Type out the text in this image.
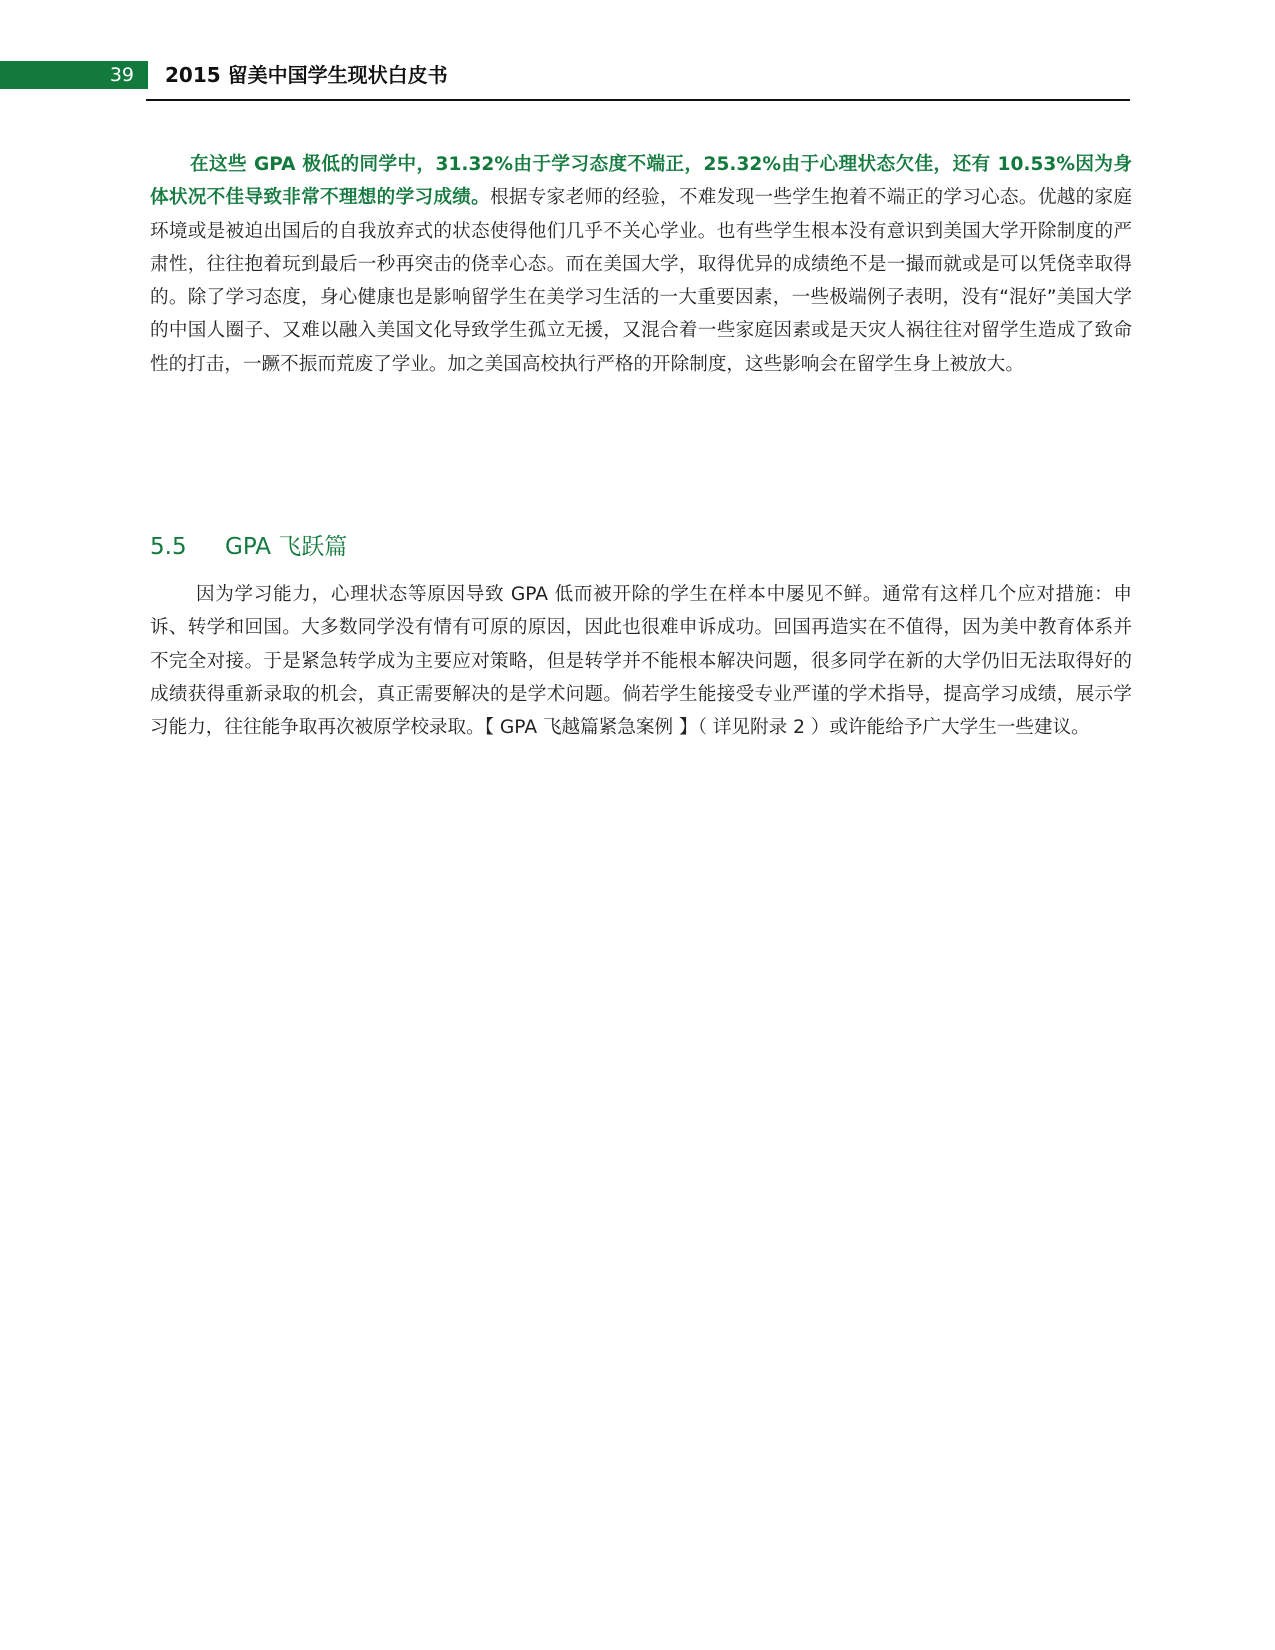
39 2015 留美中国学生现状白皮书

在这些 GPA 极低的同学中，31.32%由于学习态度不端正，25.32%由于心理状态欠佳，还有 10.53%因为身体状况不佳导致非常不理想的学习成绩。根据专家老师的经验，不难发现一些学生抱着不端正的学习心态。优越的家庭环境或是被迫出国后的自我放弃式的状态使得他们几乎不关心学业。也有些学生根本没有意识到美国大学开除制度的严肃性，往往抱着玩到最后一秒再突击的侥幸心态。而在美国大学，取得优异的成绩绝不是一撮而就或是可以凭侥幸取得的。除了学习态度，身心健康也是影响留学生在美学习生活的一大重要因素，一些极端例子表明，没有“混好”美国大学的中国人圈子、又难以融入美国文化导致学生孤立无援，又混合着一些家庭因素或是天灾人祸往往对留学生造成了致命性的打击，一蹶不振而荒废了学业。加之美国高校执行严格的开除制度，这些影响会在留学生身上被放大。

5.5 GPA 飞跃篇

因为学习能力，心理状态等原因导致 GPA 低而被开除的学生在样本中屡见不鲜。通常有这样几个应对措施：申诉、转学和回国。大多数同学没有情有可原的原因，因此也很难申诉成功。回国再造实在不值得，因为美中教育体系并不完全对接。于是紧急转学成为主要应对策略，但是转学并不能根本解决问题，很多同学在新的大学仍旧无法取得好的成绩获得重新录取的机会，真正需要解决的是学术问题。倘若学生能接受专业严谨的学术指导，提高学习成绩，展示学习能力，往往能争取再次被原学校录取。【 GPA 飞越篇紧急案例 】（ 详见附录 2 ）或许能给予广大学生一些建议。
